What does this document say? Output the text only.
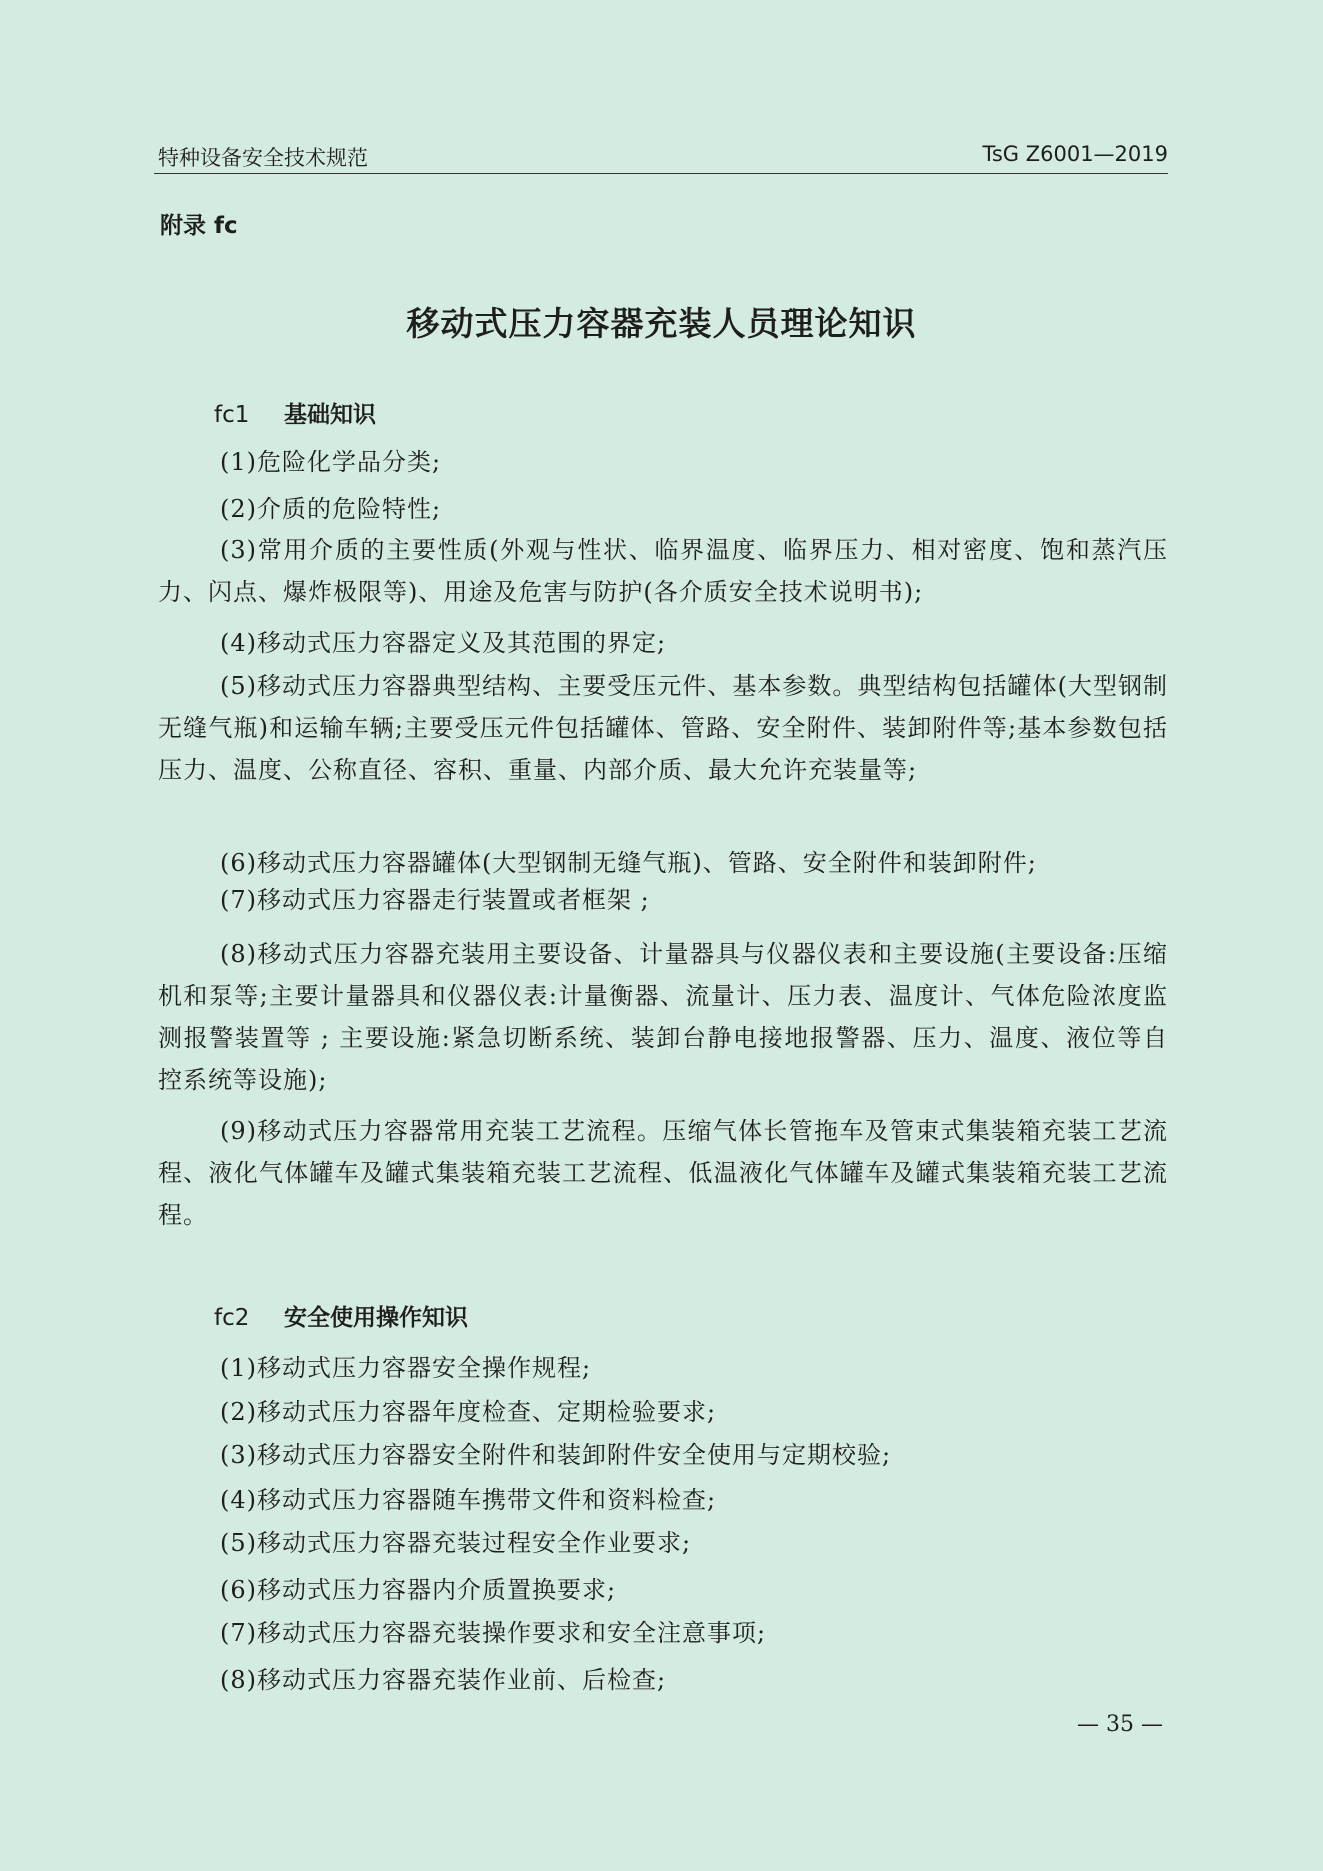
特种设备安全技术规范	TsG Z6001—2019
附录 fc
移动式压力容器充装人员理论知识
fc1 基础知识
(1)危险化学品分类;
(2)介质的危险特性;

(3)常用介质的主要性质(外观与性状、临界温度、临界压力、相对密度、饱和蒸汽压力、闪点、爆炸极限等)、用途及危害与防护(各介质安全技术说明书);

(4)移动式压力容器定义及其范围的界定;

(5)移动式压力容器典型结构、主要受压元件、基本参数。典型结构包括罐体(大型钢制无缝气瓶)和运输车辆;主要受压元件包括罐体、管路、安全附件、装卸附件等;基本参数包括压力、温度、公称直径、容积、重量、内部介质、最大允许充装量等;

(6)移动式压力容器罐体(大型钢制无缝气瓶)、管路、安全附件和装卸附件;
(7)移动式压力容器走行装置或者框架 ;

(8)移动式压力容器充装用主要设备、计量器具与仪器仪表和主要设施(主要设备:压缩机和泵等;主要计量器具和仪器仪表:计量衡器、流量计、压力表、温度计、气体危险浓度监测报警装置等 ; 主要设施:紧急切断系统、装卸台静电接地报警器、压力、温度、液位等自控系统等设施);

(9)移动式压力容器常用充装工艺流程。压缩气体长管拖车及管束式集装箱充装工艺流程、液化气体罐车及罐式集装箱充装工艺流程、低温液化气体罐车及罐式集装箱充装工艺流程。

fc2 安全使用操作知识
(1)移动式压力容器安全操作规程;
(2)移动式压力容器年度检查、定期检验要求;
(3)移动式压力容器安全附件和装卸附件安全使用与定期校验;
(4)移动式压力容器随车携带文件和资料检查;
(5)移动式压力容器充装过程安全作业要求;
(6)移动式压力容器内介质置换要求;
(7)移动式压力容器充装操作要求和安全注意事项;
(8)移动式压力容器充装作业前、后检查;
— 35 —
